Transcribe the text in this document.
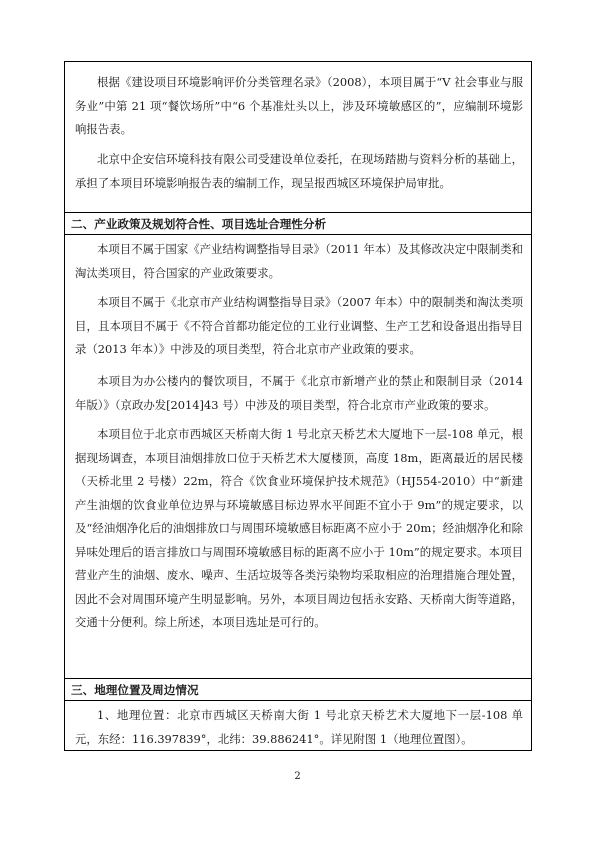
根据《建设项目环境影响评价分类管理名录》（2008），本项目属于“V 社会事业与服务业”中第 21 项“餐饮场所”中“6 个基准灶头以上，涉及环境敏感区的”，应编制环境影响报告表。
北京中企安信环境科技有限公司受建设单位委托，在现场踏勘与资料分析的基础上，承担了本项目环境影响报告表的编制工作，现呈报西城区环境保护局审批。
二、产业政策及规划符合性、项目选址合理性分析
本项目不属于国家《产业结构调整指导目录》（2011 年本）及其修改决定中限制类和淘汰类项目，符合国家的产业政策要求。
本项目不属于《北京市产业结构调整指导目录》（2007 年本）中的限制类和淘汰类项目，且本项目不属于《不符合首都功能定位的工业行业调整、生产工艺和设备退出指导目录（2013 年本）》中涉及的项目类型，符合北京市产业政策的要求。
本项目为办公楼内的餐饮项目，不属于《北京市新增产业的禁止和限制目录（2014 年版）》（京政办发[2014]43 号）中涉及的项目类型，符合北京市产业政策的要求。
本项目位于北京市西城区天桥南大街 1 号北京天桥艺术大厦地下一层-108 单元，根据现场调查，本项目油烟排放口位于天桥艺术大厦楼顶，高度 18m，距离最近的居民楼（天桥北里 2 号楼）22m，符合《饮食业环境保护技术规范》（HJ554-2010）中“新建产生油烟的饮食业单位边界与环境敏感目标边界水平间距不宜小于 9m”的规定要求，以及“经油烟净化后的油烟排放口与周围环境敏感目标距离不应小于 20m；经油烟净化和除异味处理后的语言排放口与周围环境敏感目标的距离不应小于 10m”的规定要求。本项目营业产生的油烟、废水、噪声、生活垃圾等各类污染物均采取相应的治理措施合理处置，因此不会对周围环境产生明显影响。另外，本项目周边包括永安路、天桥南大街等道路，交通十分便利。综上所述，本项目选址是可行的。
三、地理位置及周边情况
1、地理位置：北京市西城区天桥南大街 1 号北京天桥艺术大厦地下一层-108 单元，东经：116.397839°，北纬：39.886241°。详见附图 1（地理位置图）。
2
